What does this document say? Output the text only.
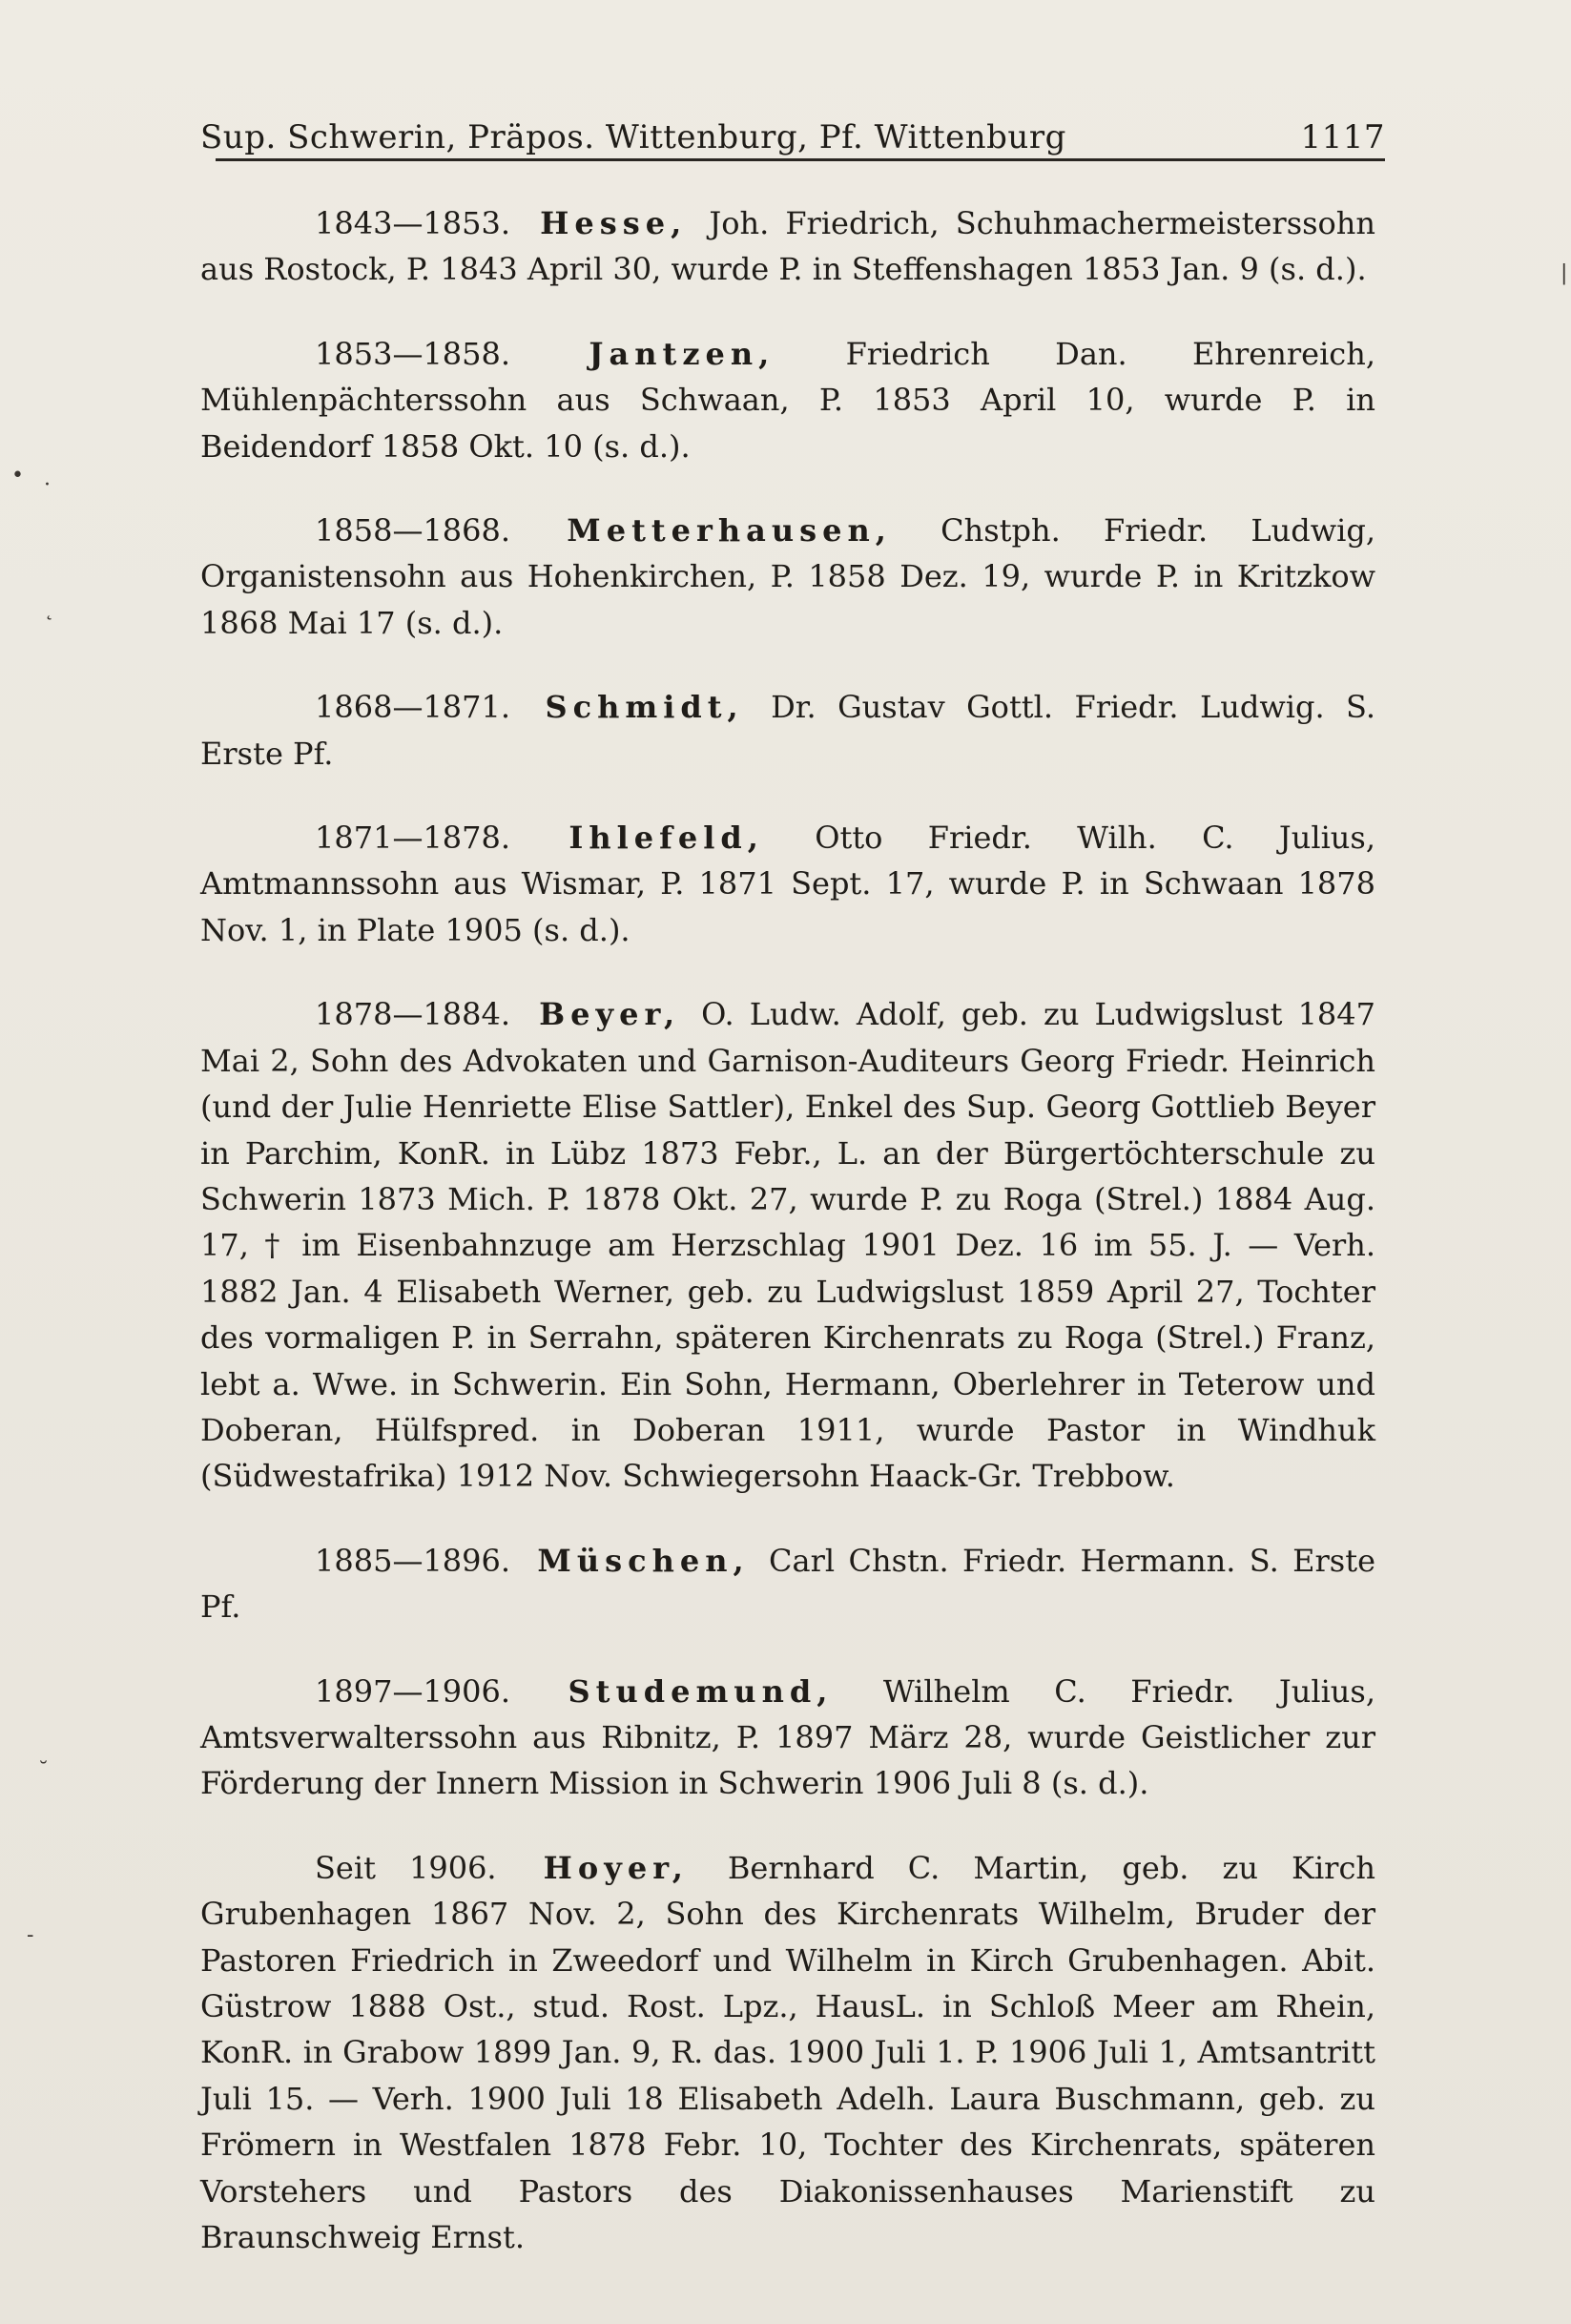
Sup. Schwerin, Präpos. Wittenburg, Pf. Wittenburg	1117

1843—1853. Hesse, Joh. Friedrich, Schuhmachermeisterssohn aus Rostock, P. 1843 April 30, wurde P. in Steffenshagen 1853 Jan. 9 (s. d.).

1853—1858.	Jantzen, Friedrich Dan. Ehrenreich, Mühlenpächterssohn aus Schwaan, P. 1853 April 10, wurde P. in Beidendorf 1858 Okt. 10 (s. d.).

1858—1868. Metterhausen, Chstph. Friedr. Ludwig, Organistensohn aus Hohenkirchen, P. 1858 Dez. 19, wurde P. in Kritzkow 1868 Mai 17 (s. d.).

1868—1871. Schmidt, Dr. Gustav Gottl. Friedr. Ludwig. S. Erste Pf.

1871—1878. Ihlefeld, Otto Friedr. Wilh. C. Julius, Amtmannssohn aus Wismar, P. 1871 Sept. 17, wurde P. in Schwaan 1878 Nov. 1, in Plate 1905 (s. d.).

1878—1884. Beyer, O. Ludw. Adolf, geb. zu Ludwigslust 1847 Mai 2, Sohn des Advokaten und Garnison-Auditeurs Georg Friedr. Heinrich (und der Julie Henriette Elise Sattler), Enkel des Sup. Georg Gottlieb Beyer in Parchim, KonR. in Lübz 1873 Febr., L. an der Bürgertöchterschule zu Schwerin 1873 Mich. P. 1878 Okt. 27, wurde P. zu Roga (Strel.) 1884 Aug. 17, † im Eisenbahnzuge am Herzschlag 1901 Dez. 16 im 55. J. — Verh. 1882 Jan. 4 Elisabeth Werner, geb. zu Ludwigslust 1859 April 27, Tochter des vormaligen P. in Serrahn, späteren Kirchenrats zu Roga (Strel.) Franz, lebt a. Wwe. in Schwerin. Ein Sohn, Hermann, Oberlehrer in Teterow und Doberan, Hülfspred. in Doberan 1911, wurde Pastor in Windhuk (Südwestafrika) 1912 Nov. Schwiegersohn Haack-Gr. Trebbow.

1885—1896. Müschen, Carl Chstn. Friedr. Hermann. S. Erste Pf.

1897—1906. Studemund, Wilhelm C. Friedr. Julius, Amtsverwalterssohn aus Ribnitz, P. 1897 März 28, wurde Geistlicher zur Förderung der Innern Mission in Schwerin 1906 Juli 8 (s. d.).

Seit 1906. Hoyer, Bernhard C. Martin, geb. zu Kirch Grubenhagen 1867 Nov. 2, Sohn des Kirchenrats Wilhelm, Bruder der Pastoren Friedrich in Zweedorf und Wilhelm in Kirch Grubenhagen. Abit. Güstrow 1888 Ost., stud. Rost. Lpz., HausL. in Schloß Meer am Rhein, KonR. in Grabow 1899 Jan. 9, R. das. 1900 Juli 1. P. 1906 Juli 1, Amtsantritt Juli 15. — Verh. 1900 Juli 18 Elisabeth Adelh. Laura Buschmann, geb. zu Frömern in Westfalen 1878 Febr. 10, Tochter des Kirchenrats, späteren Vorstehers und Pastors des Diakonissenhauses Marienstift zu Braunschweig Ernst.

• ·
˛
˘
-
|
